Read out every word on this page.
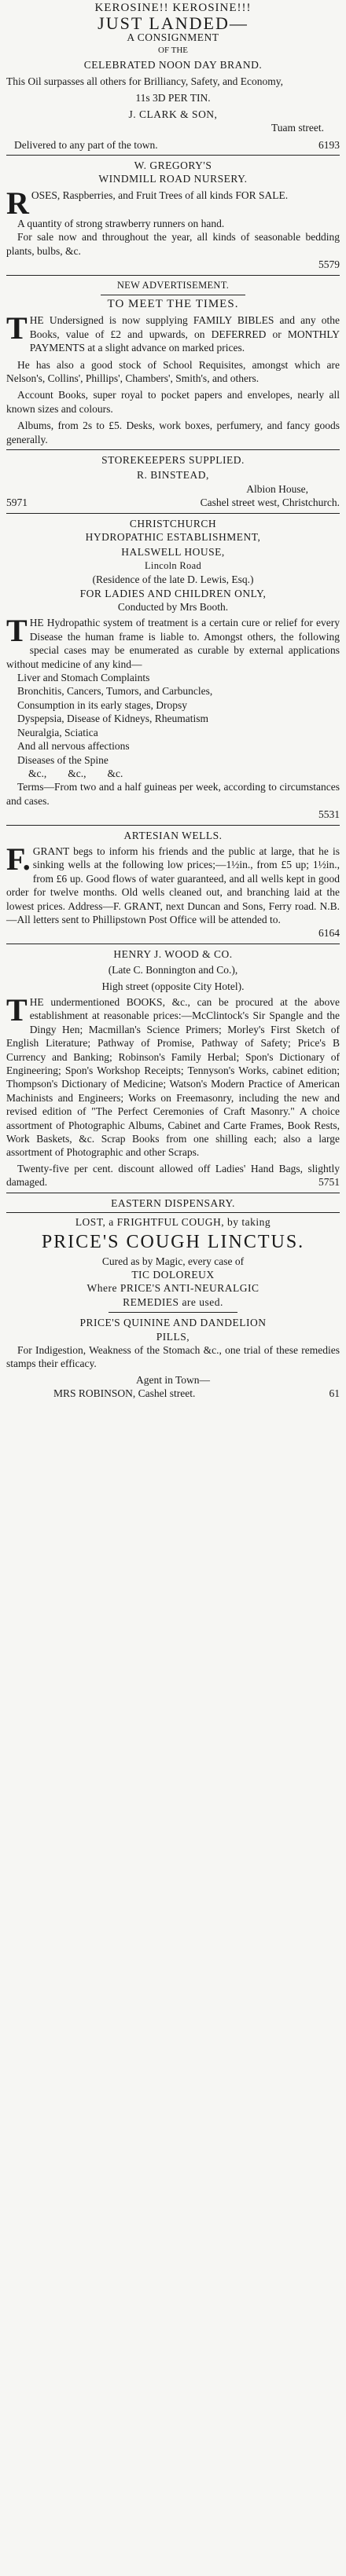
KEROSINE!! KEROSINE!!!
JUST LANDED—
A CONSIGNMENT
OF THE
CELEBRATED NOON DAY BRAND.
This Oil surpasses all others for Brilliancy, Safety, and Economy,
11s 3D PER TIN.
J. CLARK & SON,
Tuam street.
Delivered to any part of the town.	6193
W. GREGORY'S
WINDMILL ROAD NURSERY.
ROSES, Raspberries, and Fruit Trees of all kinds FOR SALE.
A quantity of strong strawberry runners on hand.
For sale now and throughout the year, all kinds of seasonable bedding plants, bulbs, &c.
5579
NEW ADVERTISEMENT.
TO MEET THE TIMES.
THE Undersigned is now supplying FAMILY BIBLES and any othe Books, value of £2 and upwards, on DEFERRED or MONTHLY PAYMENTS at a slight advance on marked prices.
He has also a good stock of School Requisites, amongst which are Nelson's, Collins', Phillips', Chambers', Smith's, and others.
Account Books, super royal to pocket papers and envelopes, nearly all known sizes and colours.
Albums, from 2s to £5. Desks, work boxes, perfumery, and fancy goods generally.
STOREKEEPERS SUPPLIED.
R. BINSTEAD,
Albion House,
5971	Cashel street west, Christchurch.
CHRISTCHURCH
HYDROPATHIC ESTABLISHMENT,
HALSWELL HOUSE,
Lincoln Road
(Residence of the late D. Lewis, Esq.)
FOR LADIES AND CHILDREN ONLY,
Conducted by Mrs Booth.
THE Hydropathic system of treatment is a certain cure or relief for every Disease the human frame is liable to. Amongst others, the following special cases may be enumerated as curable by external applications without medicine of any kind—
Liver and Stomach Complaints
Bronchitis, Cancers, Tumors, and Carbuncles,
Consumption in its early stages, Dropsy
Dyspepsia, Disease of Kidneys, Rheumatism
Neuralgia, Sciatica
And all nervous affections
Diseases of the Spine
&c.,        &c.,        &c.
Terms—From two and a half guineas per week, according to circumstances and cases.
5531
ARTESIAN WELLS.
F. GRANT begs to inform his friends and the public at large, that he is sinking wells at the following low prices;—1½in., from £5 up; 1½in., from £6 up. Good flows of water guaranteed, and all wells kept in good order for twelve months. Old wells cleaned out, and branching laid at the lowest prices. Address—F. GRANT, next Duncan and Sons, Ferry road. N.B.—All letters sent to Phillipstown Post Office will be attended to.
6164
HENRY J. WOOD & CO.
(Late C. Bonnington and Co.),
High street (opposite City Hotel).
THE undermentioned BOOKS, &c., can be procured at the above establishment at reasonable prices:—McClintock's Sir Spangle and the Dingy Hen; Macmillan's Science Primers; Morley's First Sketch of English Literature; Pathway of Promise, Pathway of Safety; Price's B Currency and Banking; Robinson's Family Herbal; Spon's Dictionary of Engineering; Spon's Workshop Receipts; Tennyson's Works, cabinet edition; Thompson's Dictionary of Medicine; Watson's Modern Practice of American Machinists and Engineers; Works on Freemasonry, including the new and revised edition of "The Perfect Ceremonies of Craft Masonry." A choice assortment of Photographic Albums, Cabinet and Carte Frames, Book Rests, Work Baskets, &c. Scrap Books from one shilling each; also a large assortment of Photographic and other Scraps.
Twenty-five per cent. discount allowed off Ladies' Hand Bags, slightly damaged.	5751
EASTERN DISPENSARY.
LOST, a FRIGHTFUL COUGH, by taking
PRICE'S COUGH LINCTUS.
Cured as by Magic, every case of
TIC DOLOREUX
Where PRICE'S ANTI-NEURALGIC
REMEDIES are used.
PRICE'S QUININE AND DANDELION
PILLS,
For Indigestion, Weakness of the Stomach &c., one trial of these remedies stamps their efficacy.
Agent in Town—
MRS ROBINSON, Cashel street.	61
